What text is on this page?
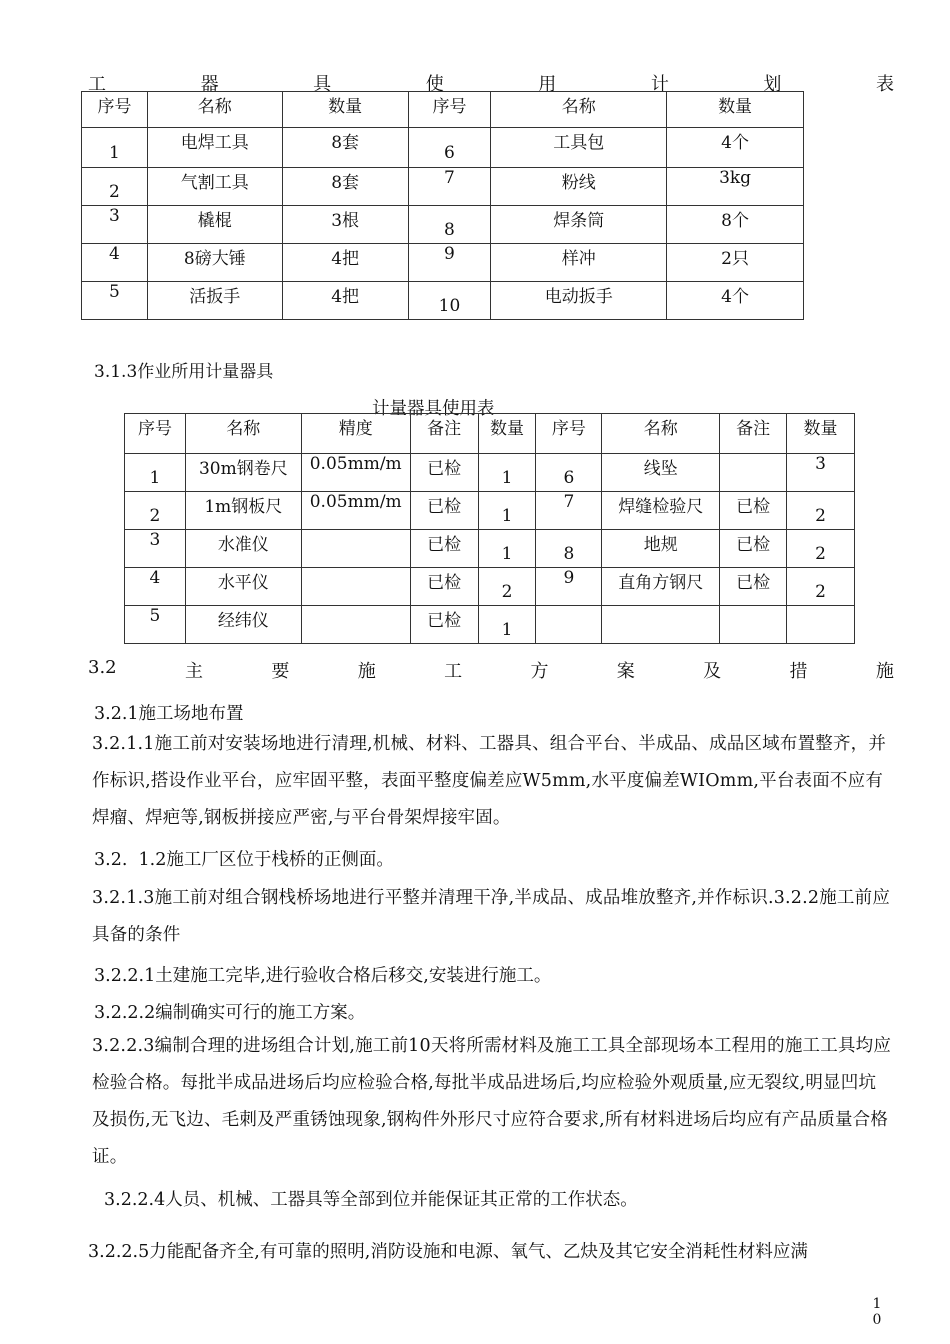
工	器	具	使	用	计	划	表
序号	名称	数量	序号	名称	数量
1	电焊工具	8套	6	工具包	4个
2	气割工具	8套	7	粉线	3kg
3	橇棍	3根	8	焊条筒	8个
4	8磅大锤	4把	9	样冲	2只
5	活扳手	4把	10	电动扳手	4个
3.1.3作业所用计量器具
计量器具使用表
序号	名称	精度	备注	数量	序号	名称	备注	数量
1	30m钢卷尺	0.05mm/m	已检	1	6	线坠		3
2	1m钢板尺	0.05mm/m	已检	1	7	焊缝检验尺	已检	2
3	水准仪		已检	1	8	地规	已检	2
4	水平仪		已检	2	9	直角方钢尺	已检	2
5	经纬仪		已检	1				
3.2	主	要	施	工	方	案	及	措	施
3.2.1施工场地布置
3.2.1.1施工前对安装场地进行清理,机械、材料、工器具、组合平台、半成品、成品区域布置整齐，并作标识,搭设作业平台，应牢固平整，表面平整度偏差应W5mm,水平度偏差WIOmm,平台表面不应有焊瘤、焊疤等,钢板拼接应严密,与平台骨架焊接牢固。
3.2.  1.2施工厂区位于栈桥的正侧面。
3.2.1.3施工前对组合钢栈桥场地进行平整并清理干净,半成品、成品堆放整齐,并作标识.3.2.2施工前应具备的条件
3.2.2.1土建施工完毕,进行验收合格后移交,安装进行施工。
3.2.2.2编制确实可行的施工方案。
3.2.2.3编制合理的进场组合计划,施工前10天将所需材料及施工工具全部现场本工程用的施工工具均应检验合格。每批半成品进场后均应检验合格,每批半成品进场后,均应检验外观质量,应无裂纹,明显凹坑及损伤,无飞边、毛刺及严重锈蚀现象,钢构件外形尺寸应符合要求,所有材料进场后均应有产品质量合格证。
3.2.2.4人员、机械、工器具等全部到位并能保证其正常的工作状态。
3.2.2.5力能配备齐全,有可靠的照明,消防设施和电源、氧气、乙炔及其它安全消耗性材料应满
1
0
